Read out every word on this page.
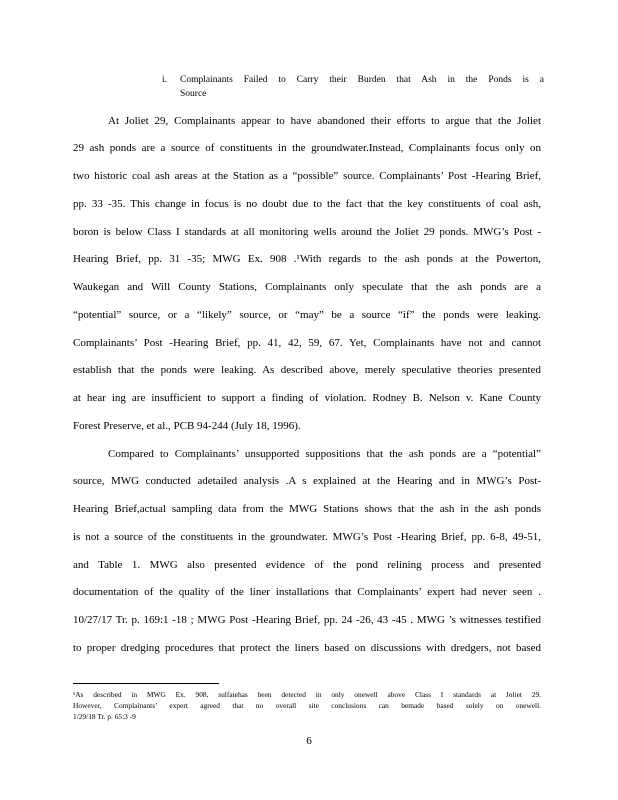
i. Complainants Failed to Carry their Burden that Ash in the Ponds is a
Source
At Joliet 29, Complainants appear to have abandoned their efforts to argue that the Joliet
29 ash ponds are a source of constituents in the groundwater.Instead, Complainants focus only on
two historic coal ash areas at the Station as a “possible” source. Complainants’ Post -Hearing Brief,
pp. 33 -35. This change in focus is no doubt due to the fact that the key constituents of coal ash,
boron is below Class I standards at all monitoring wells around the Joliet 29 ponds. MWG’s Post -
Hearing Brief, pp. 31 -35; MWG Ex. 908 .¹With regards to the ash ponds at the Powerton,
Waukegan and Will County Stations, Complainants only speculate that the ash ponds are a
“potential” source, or a “likely” source, or “may” be a source “if” the ponds were leaking.
Complainants’ Post -Hearing Brief, pp. 41, 42, 59, 67. Yet, Complainants have not and cannot
establish that the ponds were leaking. As described above, merely speculative theories presented
at hear ing are insufficient to support a finding of violation. Rodney B. Nelson v. Kane County
Forest Preserve, et al., PCB 94-244 (July 18, 1996).
Compared to Complainants’ unsupported suppositions that the ash ponds are a “potential”
source, MWG conducted adetailed analysis .A s explained at the Hearing and in MWG’s Post-
Hearing Brief,actual sampling data from the MWG Stations shows that the ash in the ash ponds
is not a source of the constituents in the groundwater. MWG’s Post -Hearing Brief, pp. 6-8, 49-51,
and Table 1. MWG also presented evidence of the pond relining process and presented
documentation of the quality of the liner installations that Complainants’ expert had never seen .
10/27/17 Tr. p. 169:1 -18 ; MWG Post -Hearing Brief, pp. 24 -26, 43 -45 . MWG ’s witnesses testified
to proper dredging procedures that protect the liners based on discussions with dredgers, not based
¹As described in MWG Ex. 908, sulfatehas been detected in only onewell above Class I standards at Joliet 29.
However, Complainants’ expert agreed that no overall site conclusions can bemade based solely on onewell.
1/29/18 Tr. p. 65:3 -9
6
